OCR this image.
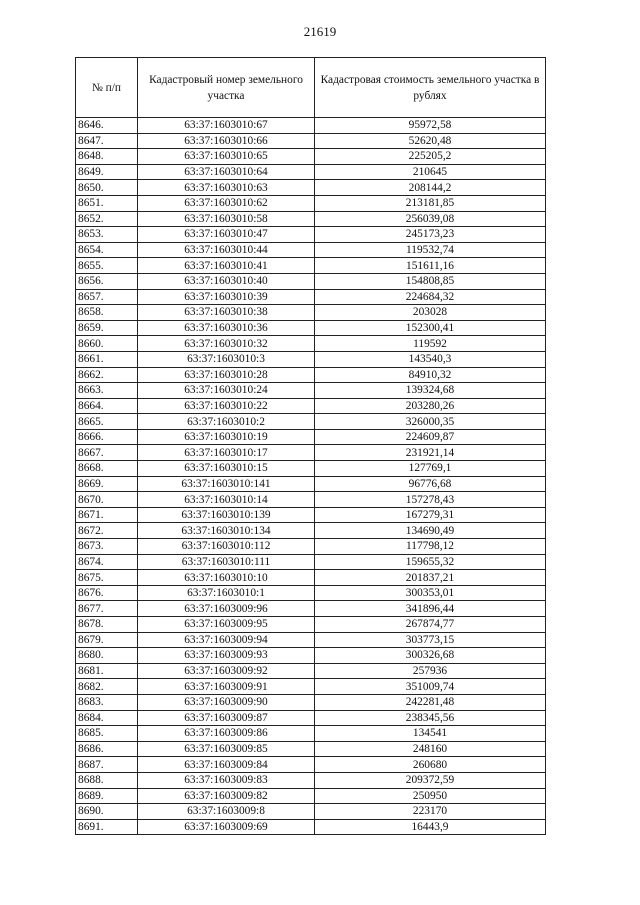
21619
№ п/п	Кадастровый номер земельного участка	Кадастровая стоимость земельного участка в рублях
8646.	63:37:1603010:67	95972,58
8647.	63:37:1603010:66	52620,48
8648.	63:37:1603010:65	225205,2
8649.	63:37:1603010:64	210645
8650.	63:37:1603010:63	208144,2
8651.	63:37:1603010:62	213181,85
8652.	63:37:1603010:58	256039,08
8653.	63:37:1603010:47	245173,23
8654.	63:37:1603010:44	119532,74
8655.	63:37:1603010:41	151611,16
8656.	63:37:1603010:40	154808,85
8657.	63:37:1603010:39	224684,32
8658.	63:37:1603010:38	203028
8659.	63:37:1603010:36	152300,41
8660.	63:37:1603010:32	119592
8661.	63:37:1603010:3	143540,3
8662.	63:37:1603010:28	84910,32
8663.	63:37:1603010:24	139324,68
8664.	63:37:1603010:22	203280,26
8665.	63:37:1603010:2	326000,35
8666.	63:37:1603010:19	224609,87
8667.	63:37:1603010:17	231921,14
8668.	63:37:1603010:15	127769,1
8669.	63:37:1603010:141	96776,68
8670.	63:37:1603010:14	157278,43
8671.	63:37:1603010:139	167279,31
8672.	63:37:1603010:134	134690,49
8673.	63:37:1603010:112	117798,12
8674.	63:37:1603010:111	159655,32
8675.	63:37:1603010:10	201837,21
8676.	63:37:1603010:1	300353,01
8677.	63:37:1603009:96	341896,44
8678.	63:37:1603009:95	267874,77
8679.	63:37:1603009:94	303773,15
8680.	63:37:1603009:93	300326,68
8681.	63:37:1603009:92	257936
8682.	63:37:1603009:91	351009,74
8683.	63:37:1603009:90	242281,48
8684.	63:37:1603009:87	238345,56
8685.	63:37:1603009:86	134541
8686.	63:37:1603009:85	248160
8687.	63:37:1603009:84	260680
8688.	63:37:1603009:83	209372,59
8689.	63:37:1603009:82	250950
8690.	63:37:1603009:8	223170
8691.	63:37:1603009:69	16443,9
